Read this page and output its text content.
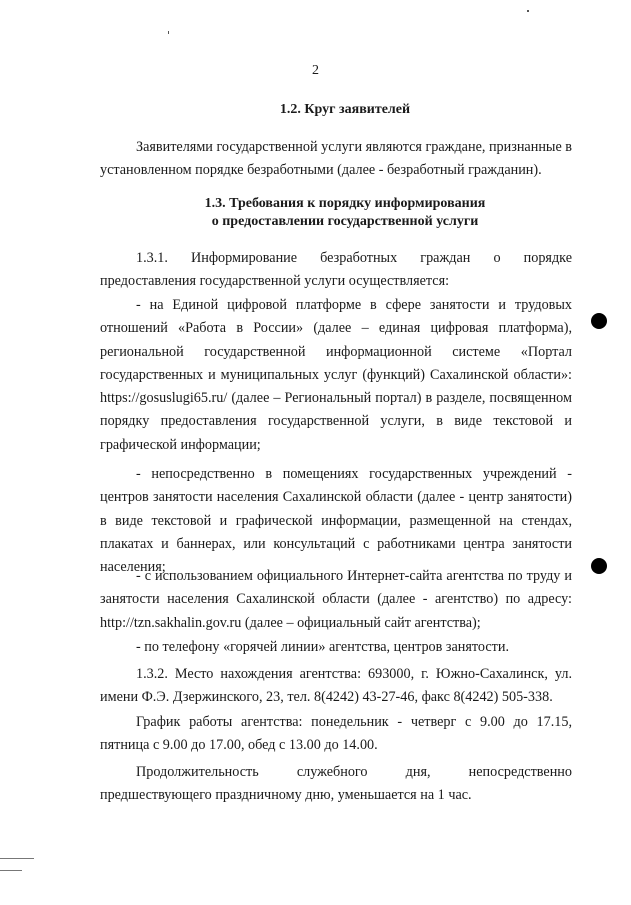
2
1.2. Круг заявителей

Заявителями государственной услуги являются граждане, признанные в установленном порядке безработными (далее - безработный гражданин).

1.3. Требования к порядку информирования
о предоставлении государственной услуги

1.3.1. Информирование безработных граждан о порядке предоставления государственной услуги осуществляется:

- на Единой цифровой платформе в сфере занятости и трудовых отношений «Работа в России» (далее – единая цифровая платформа), региональной государственной информационной системе «Портал государственных и муниципальных услуг (функций) Сахалинской области»: https://gosuslugi65.ru/ (далее – Региональный портал) в разделе, посвященном порядку предоставления государственной услуги, в виде текстовой и графической информации;

- непосредственно в помещениях государственных учреждений - центров занятости населения Сахалинской области (далее - центр занятости) в виде текстовой и графической информации, размещенной на стендах, плакатах и баннерах, или консультаций с работниками центра занятости населения;

- с использованием официального Интернет-сайта агентства по труду и занятости населения Сахалинской области (далее - агентство) по адресу: http://tzn.sakhalin.gov.ru (далее – официальный сайт агентства);

- по телефону «горячей линии» агентства, центров занятости.

1.3.2. Место нахождения агентства: 693000, г. Южно-Сахалинск, ул. имени Ф.Э. Дзержинского, 23, тел. 8(4242) 43-27-46, факс 8(4242) 505-338.

График работы агентства: понедельник - четверг с 9.00 до 17.15, пятница с 9.00 до 17.00, обед с 13.00 до 14.00.

Продолжительность служебного дня, непосредственно предшествующего праздничному дню, уменьшается на 1 час.
